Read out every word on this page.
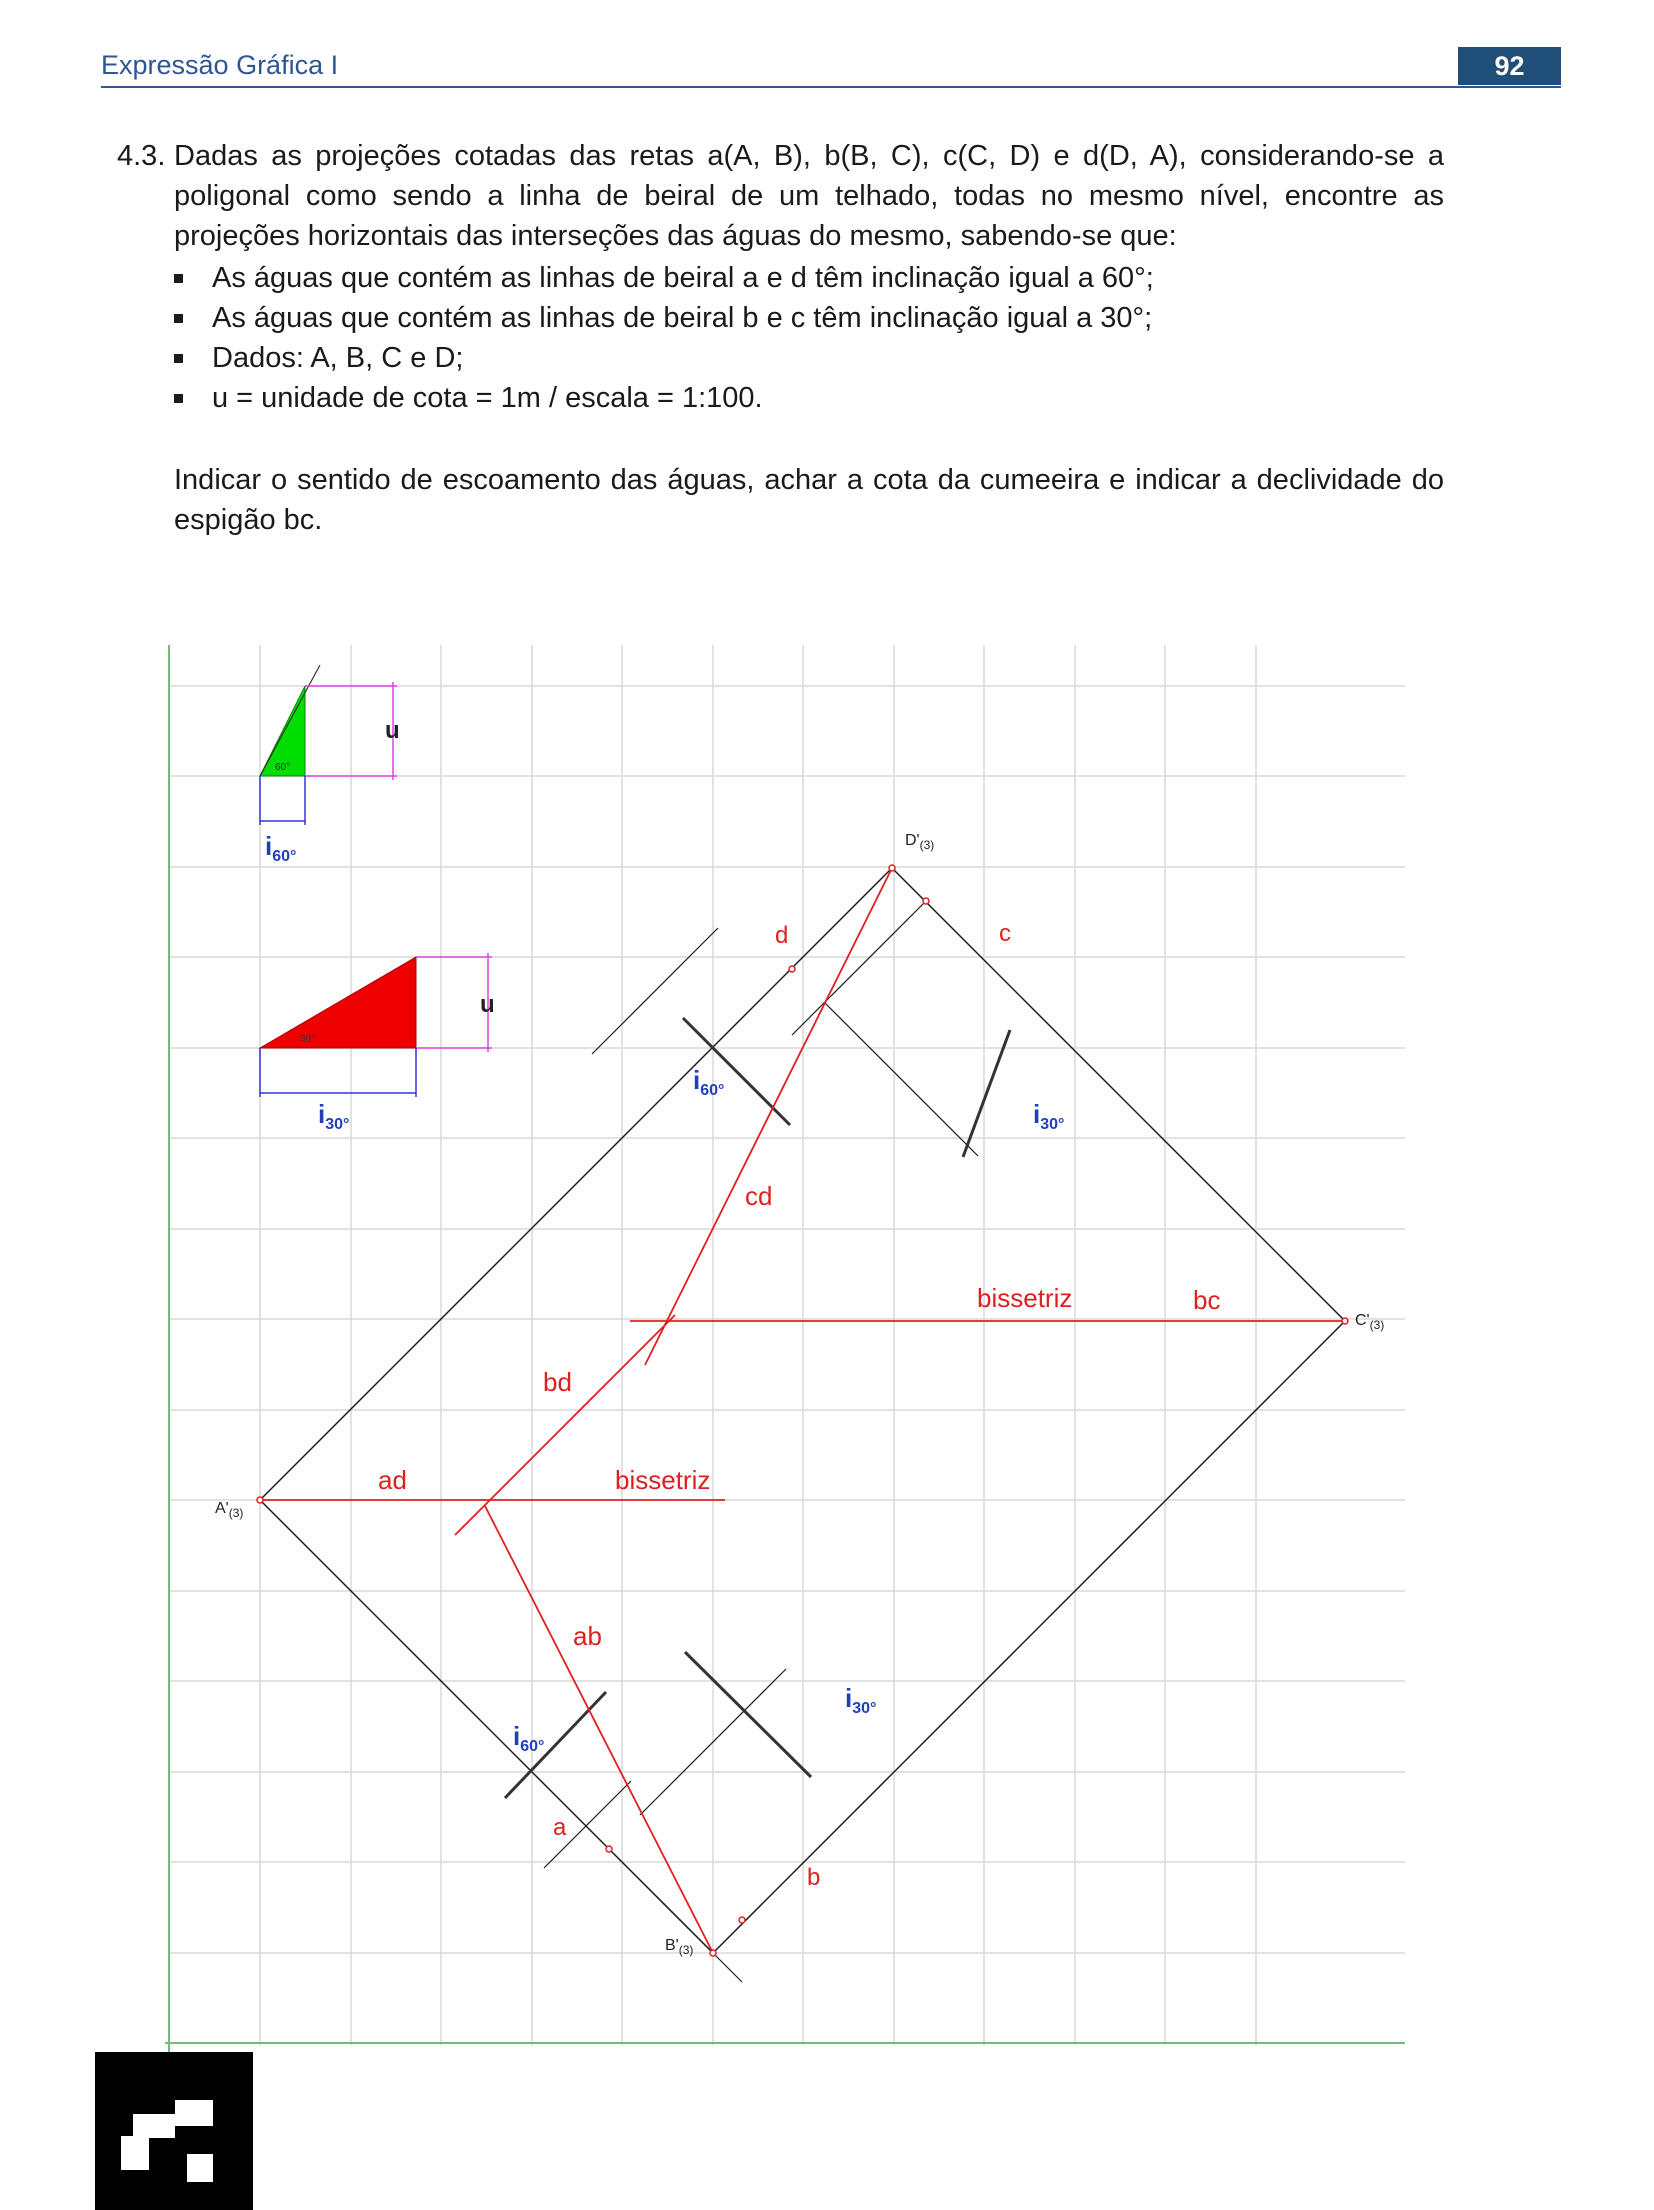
Expressão Gráfica I	92
4.3. Dadas as projeções cotadas das retas a(A, B), b(B, C), c(C, D) e d(D, A), considerando-se a poligonal como sendo a linha de beiral de um telhado, todas no mesmo nível, encontre as projeções horizontais das interseções das águas do mesmo, sabendo-se que:
As águas que contém as linhas de beiral a e d têm inclinação igual a 60°;
As águas que contém as linhas de beiral b e c têm inclinação igual a 30°;
Dados: A, B, C e D;
u = unidade de cota = 1m / escala = 1:100.
Indicar o sentido de escoamento das águas, achar a cota da cumeeira e indicar a declividade do espigão bc.
60°
u
$i_{60^\circ}$
30°
u
$i_{30^\circ}$
$A'_{(3)}$
$B'_{(3)}$
$C'_{(3)}$
$D'_{(3)}$
a
b
c
d
ab
ad
bd
cd
bc
bissetriz
bissetriz
$i_{60^\circ}$
$i_{30^\circ}$
$i_{60^\circ}$
$i_{30^\circ}$
